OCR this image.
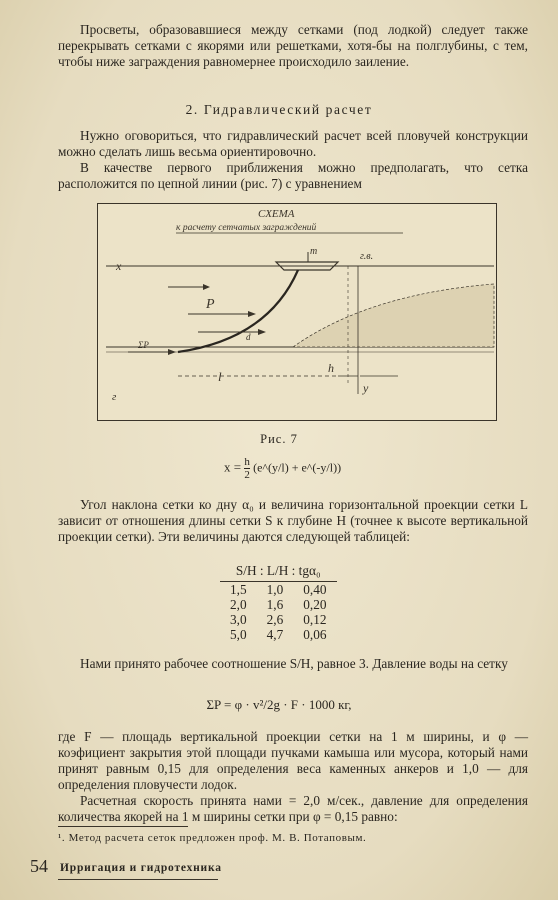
Просветы, образовавшиеся между сетками (под лодкой) следует также перекрывать сетками с якорями или решетками, хотя-бы на полглубины, с тем, чтобы ниже заграждения равномернее происходило заиление.

2. Гидравлический расчет

Нужно оговориться, что гидравлический расчет всей пловучей конструкции можно сделать лишь весьма ориентировочно.

В качестве первого приближения можно предполагать, что сетка расположится по цепной линии (рис. 7) с уравнением

СХЕМА
к расчету сетчатых заграждений
x
г.в.
т
P
ΣP
l
h
y
г
d
Рис. 7
$x = \frac{h}{2}$ (e^(y/l) + e^(-y/l))

Угол наклона сетки ко дну α₀ и величина горизонтальной проекции сетки L зависит от отношения длины сетки S к глубине H (точнее к высоте вертикальной проекции сетки). Эти величины даются следующей таблицей:

S/H : L/H : tgα₀		
1,5	1,0	0,40
2,0	1,6	0,20
3,0	2,6	0,12
5,0	4,7	0,06

Нами принято рабочее соотношение S/H, равное 3. Давление воды на сетку

ΣP = φ · v²/2g · F · 1000 кг,

где F — площадь вертикальной проекции сетки на 1 м ширины, и φ — коэфициент закрытия этой площади пучками камыша или мусора, который нами принят равным 0,15 для определения веса каменных анкеров и 1,0 — для определения пловучести лодок.

Расчетная скорость принята нами = 2,0 м/сек., давление для определения количества якорей на 1 м ширины сетки при φ = 0,15 равно:

¹. Метод расчета сеток предложен проф. М. В. Потаповым.
54 Ирригация и гидротехника
